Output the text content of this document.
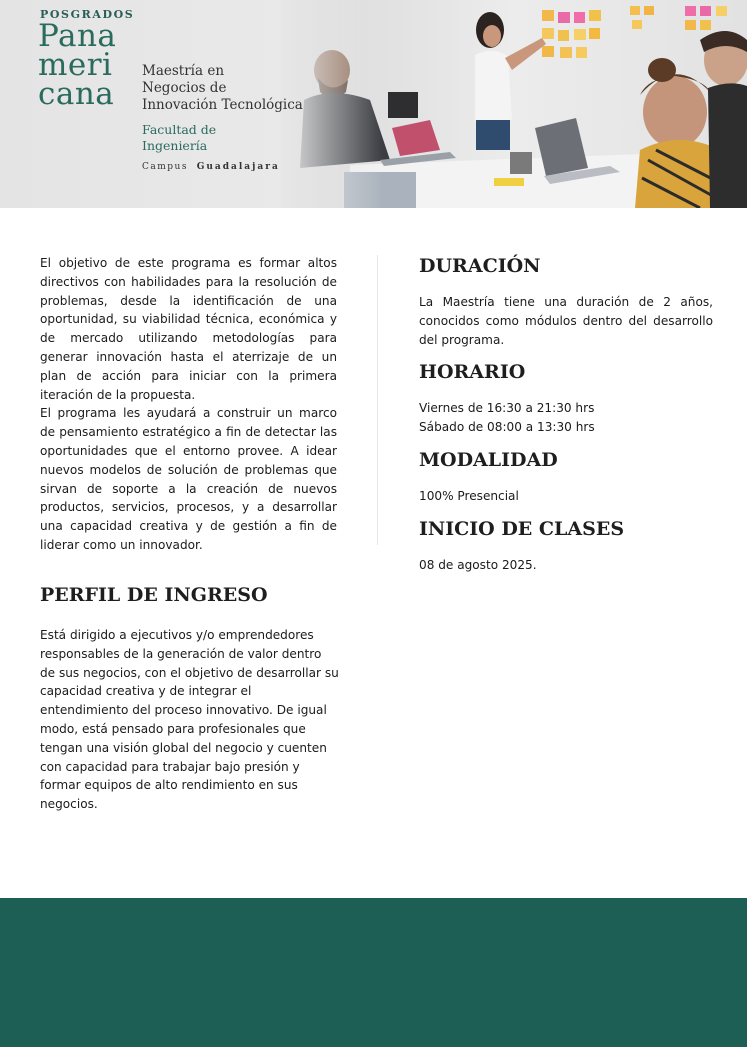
POSGRADOS

Pana

meri

cana

Maestría en

Negocios de

Innovación Tecnológica

Facultad de

Ingeniería

Campus Guadalajara

El objetivo de este programa es formar altos directivos con habilidades para la resolución de problemas, desde la identificación de una oportunidad, su viabilidad técnica, económica y de mercado utilizando metodologías para generar innovación hasta el aterrizaje de un plan de acción para iniciar con la primera iteración de la propuesta.

El programa les ayudará a construir un marco de pensamiento estratégico a fin de detectar las oportunidades que el entorno provee. A idear nuevos modelos de solución de problemas que sirvan de soporte a la creación de nuevos productos, servicios, procesos, y a desarrollar una capacidad creativa y de gestión a fin de liderar como un innovador.

PERFIL DE INGRESO

Está dirigido a ejecutivos y/o emprendedores responsables de la generación de valor dentro de sus negocios, con el objetivo de desarrollar su capacidad creativa y de integrar el entendimiento del proceso innovativo. De igual modo, está pensado para profesionales que tengan una visión global del negocio y cuenten con capacidad para trabajar bajo presión y formar equipos de alto rendimiento en sus negocios.

DURACIÓN

La Maestría tiene una duración de 2 años, conocidos como módulos dentro del desarrollo del programa.

HORARIO

Viernes de 16:30 a 21:30 hrs

Sábado de 08:00 a 13:30 hrs

MODALIDAD

100% Presencial

INICIO DE CLASES

08 de agosto 2025.
